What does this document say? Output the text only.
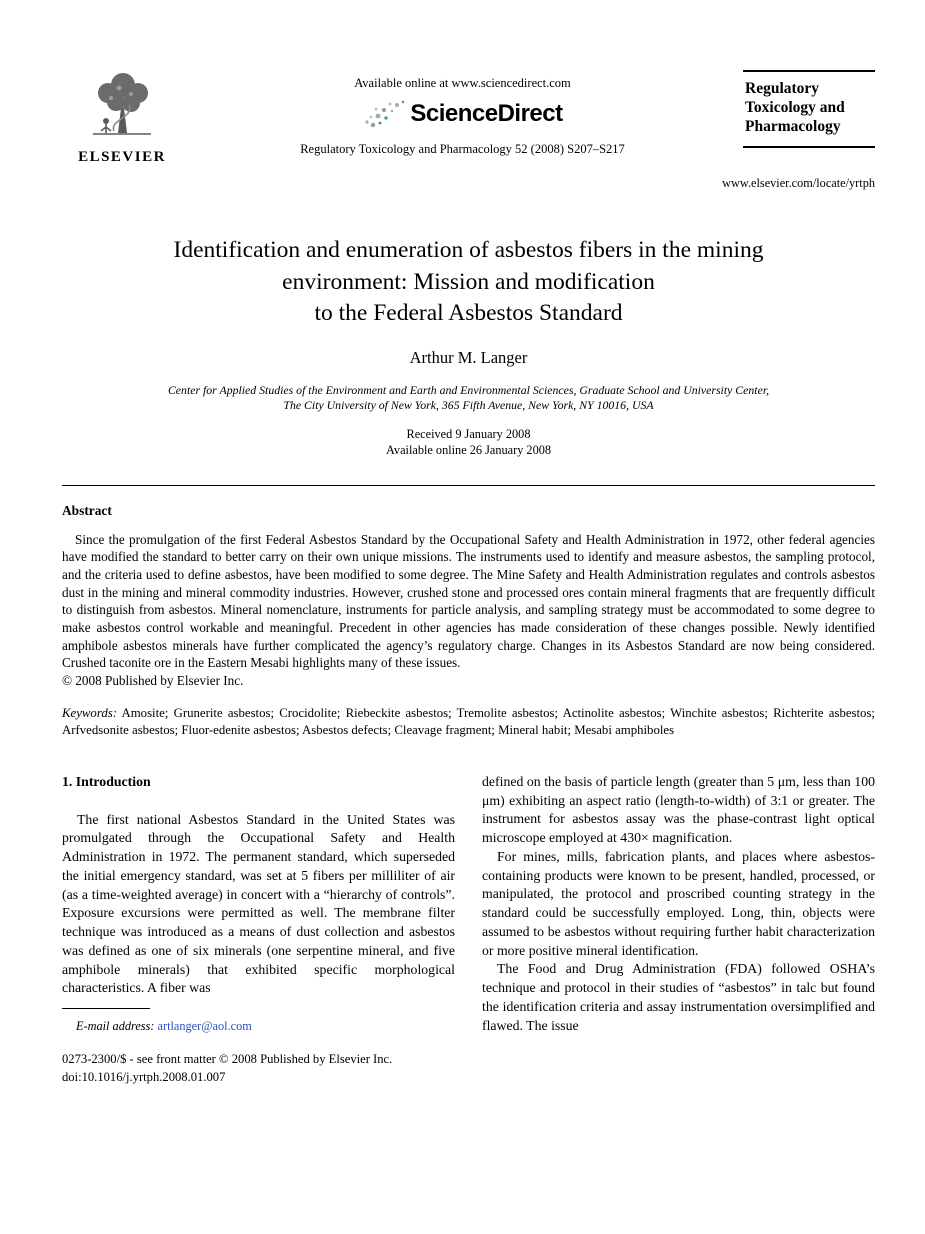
ELSEVIER
Available online at www.sciencedirect.com
ScienceDirect
Regulatory Toxicology and Pharmacology 52 (2008) S207–S217
Regulatory Toxicology and Pharmacology
www.elsevier.com/locate/yrtph
Identification and enumeration of asbestos fibers in the mining
environment: Mission and modification
to the Federal Asbestos Standard
Arthur M. Langer
Center for Applied Studies of the Environment and Earth and Environmental Sciences, Graduate School and University Center,
The City University of New York, 365 Fifth Avenue, New York, NY 10016, USA
Received 9 January 2008
Available online 26 January 2008
Abstract

Since the promulgation of the first Federal Asbestos Standard by the Occupational Safety and Health Administration in 1972, other federal agencies have modified the standard to better carry on their own unique missions. The instruments used to identify and measure asbestos, the sampling protocol, and the criteria used to define asbestos, have been modified to some degree. The Mine Safety and Health Administration regulates and controls asbestos dust in the mining and mineral commodity industries. However, crushed stone and processed ores contain mineral fragments that are frequently difficult to distinguish from asbestos. Mineral nomenclature, instruments for particle analysis, and sampling strategy must be accommodated to some degree to make asbestos control workable and meaningful. Precedent in other agencies has made consideration of these changes possible. Newly identified amphibole asbestos minerals have further complicated the agency’s regulatory charge. Changes in its Asbestos Standard are now being considered. Crushed taconite ore in the Eastern Mesabi highlights many of these issues.

© 2008 Published by Elsevier Inc.

Keywords: Amosite; Grunerite asbestos; Crocidolite; Riebeckite asbestos; Tremolite asbestos; Actinolite asbestos; Winchite asbestos; Richterite asbestos; Arfvedsonite asbestos; Fluor-edenite asbestos; Asbestos defects; Cleavage fragment; Mineral habit; Mesabi amphiboles

1. Introduction

The first national Asbestos Standard in the United States was promulgated through the Occupational Safety and Health Administration in 1972. The permanent standard, which superseded the initial emergency standard, was set at 5 fibers per milliliter of air (as a time-weighted average) in concert with a “hierarchy of controls”. Exposure excursions were permitted as well. The membrane filter technique was introduced as a means of dust collection and asbestos was defined as one of six minerals (one serpentine mineral, and five amphibole minerals) that exhibited specific morphological characteristics. A fiber was

E-mail address: artlanger@aol.com

defined on the basis of particle length (greater than 5 μm, less than 100 μm) exhibiting an aspect ratio (length-to-width) of 3:1 or greater. The instrument for asbestos assay was the phase-contrast light optical microscope employed at 430× magnification.

For mines, mills, fabrication plants, and places where asbestos-containing products were known to be present, handled, processed, or manipulated, the protocol and proscribed counting strategy in the standard could be successfully employed. Long, thin, objects were assumed to be asbestos without requiring further habit characterization or more positive mineral identification.

The Food and Drug Administration (FDA) followed OSHA’s technique and protocol in their studies of “asbestos” in talc but found the identification criteria and assay instrumentation oversimplified and flawed. The issue

0273-2300/$ - see front matter © 2008 Published by Elsevier Inc.
doi:10.1016/j.yrtph.2008.01.007
